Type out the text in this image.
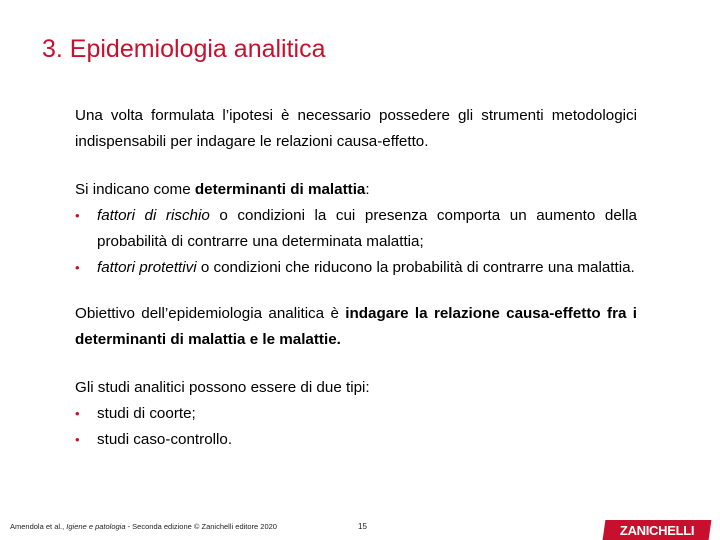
3. Epidemiologia analitica

Una volta formulata l’ipotesi è necessario possedere gli strumenti metodologici indispensabili per indagare le relazioni causa-effetto.

Si indicano come determinanti di malattia:

• fattori di rischio o condizioni la cui presenza comporta un aumento della probabilità di contrarre una determinata malattia;
• fattori protettivi o condizioni che riducono la probabilità di contrarre una malattia.

Obiettivo dell’epidemiologia analitica è indagare la relazione causa-effetto fra i determinanti di malattia e le malattie.

Gli studi analitici possono essere di due tipi:

• studi di coorte;
• studi caso-controllo.
Amendola et al., Igiene e patologia - Seconda edizione © Zanichelli editore 2020	15	ZANICHELLI
